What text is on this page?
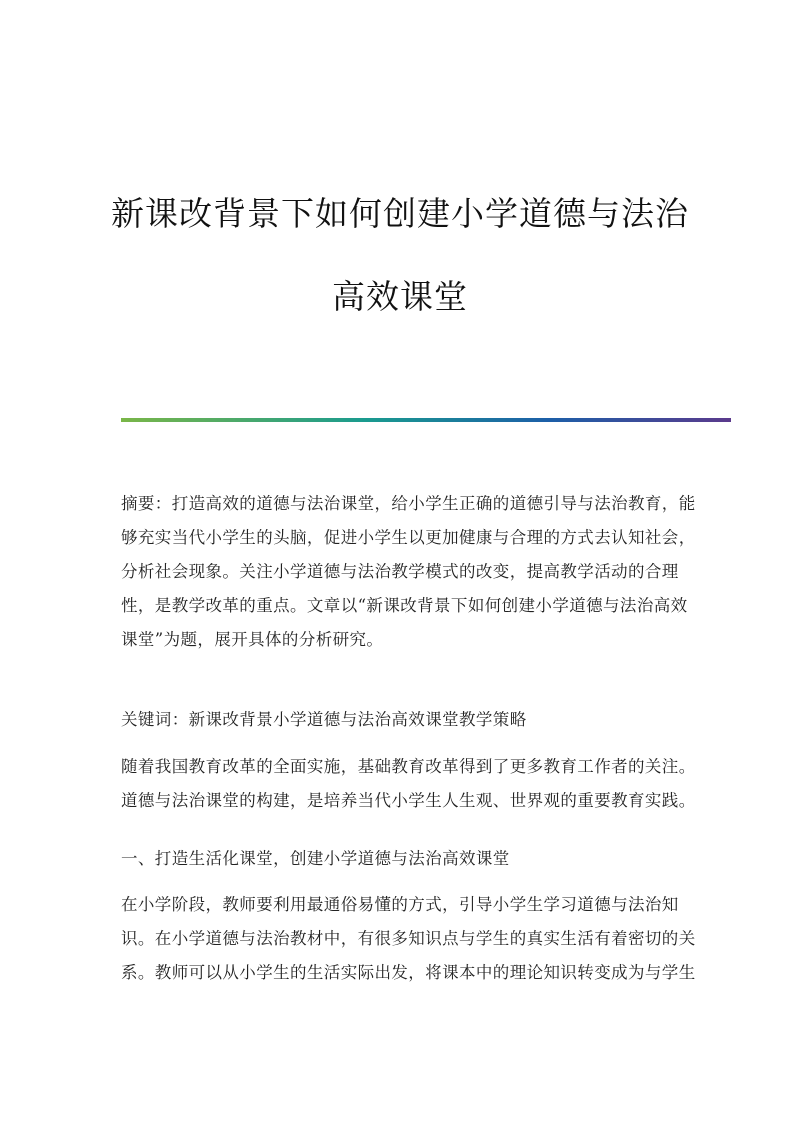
新课改背景下如何创建小学道德与法治
高效课堂
摘要：打造高效的道德与法治课堂，给小学生正确的道德引导与法治教育，能
够充实当代小学生的头脑，促进小学生以更加健康与合理的方式去认知社会，
分析社会现象。关注小学道德与法治教学模式的改变，提高教学活动的合理
性，是教学改革的重点。文章以“新课改背景下如何创建小学道德与法治高效
课堂”为题，展开具体的分析研究。
关键词：新课改背景小学道德与法治高效课堂教学策略
随着我国教育改革的全面实施，基础教育改革得到了更多教育工作者的关注。
道德与法治课堂的构建，是培养当代小学生人生观、世界观的重要教育实践。
一、打造生活化课堂，创建小学道德与法治高效课堂
在小学阶段，教师要利用最通俗易懂的方式，引导小学生学习道德与法治知
识。在小学道德与法治教材中，有很多知识点与学生的真实生活有着密切的关
系。教师可以从小学生的生活实际出发，将课本中的理论知识转变成为与学生
